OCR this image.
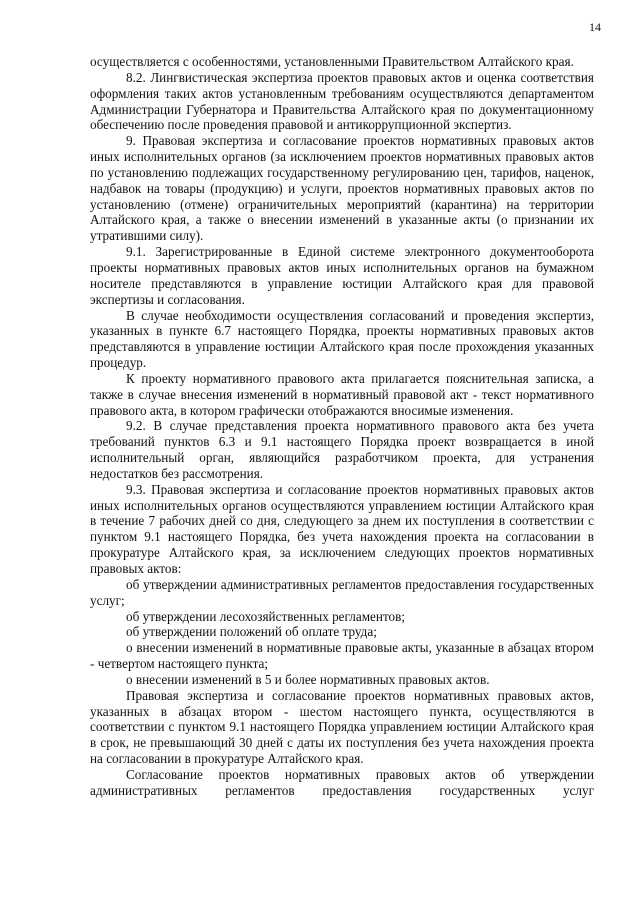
14

осуществляется с особенностями, установленными Правительством Алтайского края.

8.2. Лингвистическая экспертиза проектов правовых актов и оценка соответствия оформления таких актов установленным требованиям осуществляются департаментом Администрации Губернатора и Правительства Алтайского края по документационному обеспечению после проведения правовой и антикоррупционной экспертиз.

9. Правовая экспертиза и согласование проектов нормативных правовых актов иных исполнительных органов (за исключением проектов нормативных правовых актов по установлению подлежащих государственному регулированию цен, тарифов, наценок, надбавок на товары (продукцию) и услуги, проектов нормативных правовых актов по установлению (отмене) ограничительных мероприятий (карантина) на территории Алтайского края, а также о внесении изменений в указанные акты (о признании их утратившими силу).

9.1. Зарегистрированные в Единой системе электронного документооборота проекты нормативных правовых актов иных исполнительных органов на бумажном носителе представляются в управление юстиции Алтайского края для правовой экспертизы и согласования.

В случае необходимости осуществления согласований и проведения экспертиз, указанных в пункте 6.7 настоящего Порядка, проекты нормативных правовых актов представляются в управление юстиции Алтайского края после прохождения указанных процедур.

К проекту нормативного правового акта прилагается пояснительная записка, а также в случае внесения изменений в нормативный правовой акт - текст нормативного правового акта, в котором графически отображаются вносимые изменения.

9.2. В случае представления проекта нормативного правового акта без учета требований пунктов 6.3 и 9.1 настоящего Порядка проект возвращается в иной исполнительный орган, являющийся разработчиком проекта, для устранения недостатков без рассмотрения.

9.3. Правовая экспертиза и согласование проектов нормативных правовых актов иных исполнительных органов осуществляются управлением юстиции Алтайского края в течение 7 рабочих дней со дня, следующего за днем их поступления в соответствии с пунктом 9.1 настоящего Порядка, без учета нахождения проекта на согласовании в прокуратуре Алтайского края, за исключением следующих проектов нормативных правовых актов:

об утверждении административных регламентов предоставления государственных услуг;

об утверждении лесохозяйственных регламентов;

об утверждении положений об оплате труда;

о внесении изменений в нормативные правовые акты, указанные в абзацах втором - четвертом настоящего пункта;

о внесении изменений в 5 и более нормативных правовых актов.

Правовая экспертиза и согласование проектов нормативных правовых актов, указанных в абзацах втором - шестом настоящего пункта, осуществляются в соответствии с пунктом 9.1 настоящего Порядка управлением юстиции Алтайского края в срок, не превышающий 30 дней с даты их поступления без учета нахождения проекта на согласовании в прокуратуре Алтайского края.

Согласование проектов нормативных правовых актов об утверждении административных регламентов предоставления государственных услуг
